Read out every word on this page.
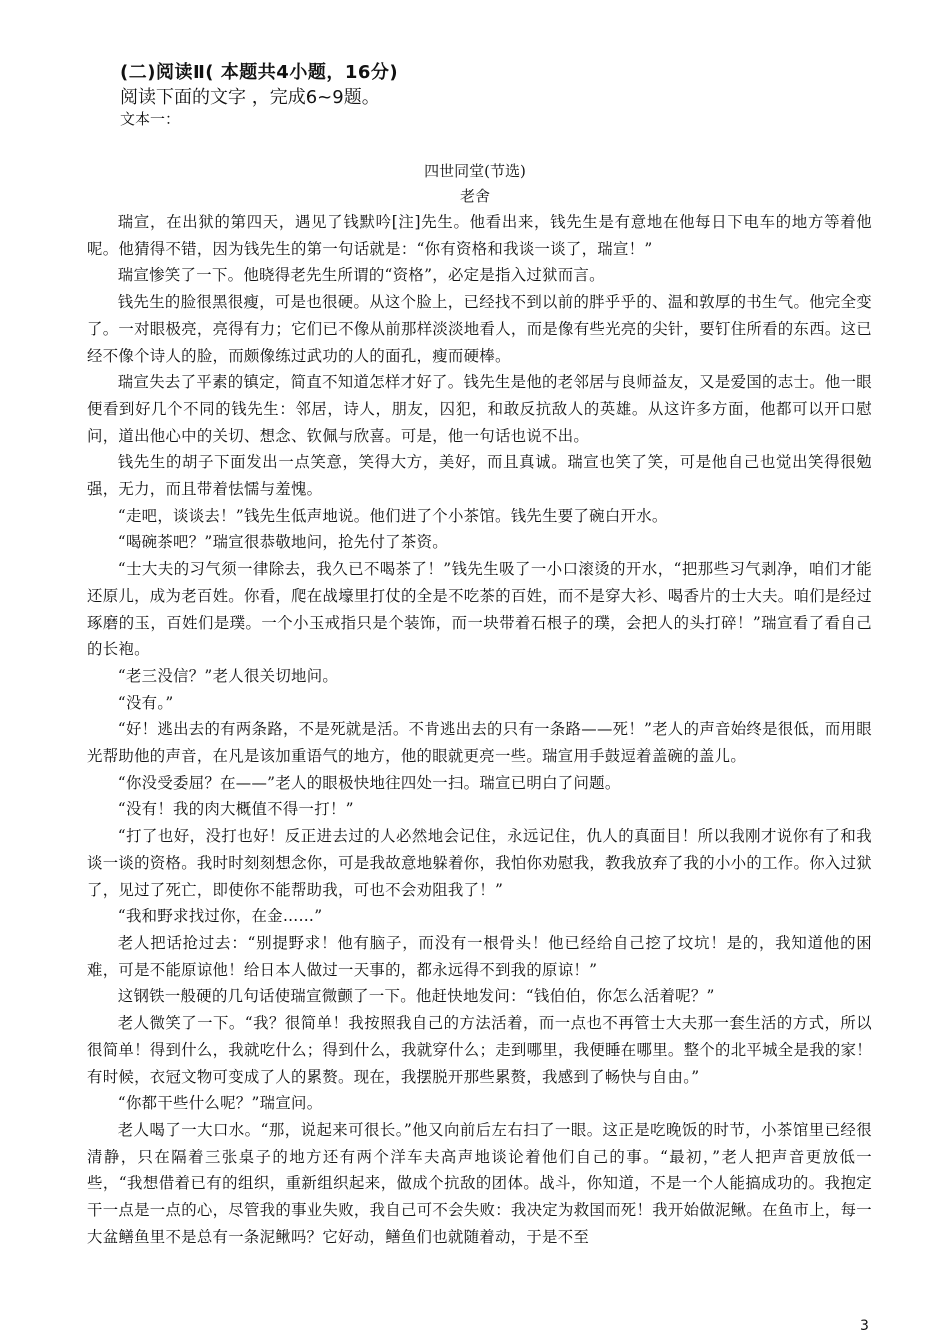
(二)阅读Ⅱ( 本题共4小题，16分)
阅读下面的文字 ，完成6~9题。
文本一：
四世同堂(节选)
老舍

瑞宣，在出狱的第四天，遇见了钱默吟[注]先生。他看出来，钱先生是有意地在他每日下电车的地方等着他呢。他猜得不错，因为钱先生的第一句话就是：“你有资格和我谈一谈了，瑞宣！”

瑞宣惨笑了一下。他晓得老先生所谓的“资格”，必定是指入过狱而言。

钱先生的脸很黑很瘦，可是也很硬。从这个脸上，已经找不到以前的胖乎乎的、温和敦厚的书生气。他完全变了。一对眼极亮，亮得有力；它们已不像从前那样淡淡地看人，而是像有些光亮的尖针，要钉住所看的东西。这已经不像个诗人的脸，而颇像练过武功的人的面孔，瘦而硬棒。

瑞宣失去了平素的镇定，简直不知道怎样才好了。钱先生是他的老邻居与良师益友，又是爱国的志士。他一眼便看到好几个不同的钱先生：邻居，诗人，朋友，囚犯，和敢反抗敌人的英雄。从这许多方面，他都可以开口慰问，道出他心中的关切、想念、钦佩与欣喜。可是，他一句话也说不出。

钱先生的胡子下面发出一点笑意，笑得大方，美好，而且真诚。瑞宣也笑了笑，可是他自己也觉出笑得很勉强，无力，而且带着怯懦与羞愧。

“走吧，谈谈去！”钱先生低声地说。他们进了个小茶馆。钱先生要了碗白开水。

“喝碗茶吧？”瑞宣很恭敬地问，抢先付了茶资。

“士大夫的习气须一律除去，我久已不喝茶了！”钱先生吸了一小口滚烫的开水，“把那些习气剥净，咱们才能还原儿，成为老百姓。你看，爬在战壕里打仗的全是不吃茶的百姓，而不是穿大衫、喝香片的士大夫。咱们是经过琢磨的玉，百姓们是璞。一个小玉戒指只是个装饰，而一块带着石根子的璞，会把人的头打碎！”瑞宣看了看自己的长袍。

“老三没信？”老人很关切地问。

“没有。”

“好！逃出去的有两条路，不是死就是活。不肯逃出去的只有一条路——死！”老人的声音始终是很低，而用眼光帮助他的声音，在凡是该加重语气的地方，他的眼就更亮一些。瑞宣用手鼓逗着盖碗的盖儿。

“你没受委屈？在——”老人的眼极快地往四处一扫。瑞宣已明白了问题。

“没有！我的肉大概值不得一打！”

“打了也好，没打也好！反正进去过的人必然地会记住，永远记住，仇人的真面目！所以我刚才说你有了和我谈一谈的资格。我时时刻刻想念你，可是我故意地躲着你，我怕你劝慰我，教我放弃了我的小小的工作。你入过狱了，见过了死亡，即使你不能帮助我，可也不会劝阻我了！”

“我和野求找过你，在金……”

老人把话抢过去：“别提野求！他有脑子，而没有一根骨头！他已经给自己挖了坟坑！是的，我知道他的困难，可是不能原谅他！给日本人做过一天事的，都永远得不到我的原谅！”

这钢铁一般硬的几句话使瑞宣微颤了一下。他赶快地发问：“钱伯伯，你怎么活着呢？”

老人微笑了一下。“我？很简单！我按照我自己的方法活着，而一点也不再管士大夫那一套生活的方式，所以很简单！得到什么，我就吃什么；得到什么，我就穿什么；走到哪里，我便睡在哪里。整个的北平城全是我的家！有时候，衣冠文物可变成了人的累赘。现在，我摆脱开那些累赘，我感到了畅快与自由。”

“你都干些什么呢？”瑞宣问。

老人喝了一大口水。“那，说起来可很长。”他又向前后左右扫了一眼。这正是吃晚饭的时节，小茶馆里已经很清静，只在隔着三张桌子的地方还有两个洋车夫高声地谈论着他们自己的事。“最初，”老人把声音更放低一些，“我想借着已有的组织，重新组织起来，做成个抗敌的团体。战斗，你知道，不是一个人能搞成功的。我抱定干一点是一点的心，尽管我的事业失败，我自己可不会失败：我决定为救国而死！我开始做泥鳅。在鱼市上，每一大盆鳝鱼里不是总有一条泥鳅吗？它好动，鳝鱼们也就随着动，于是不至

3
